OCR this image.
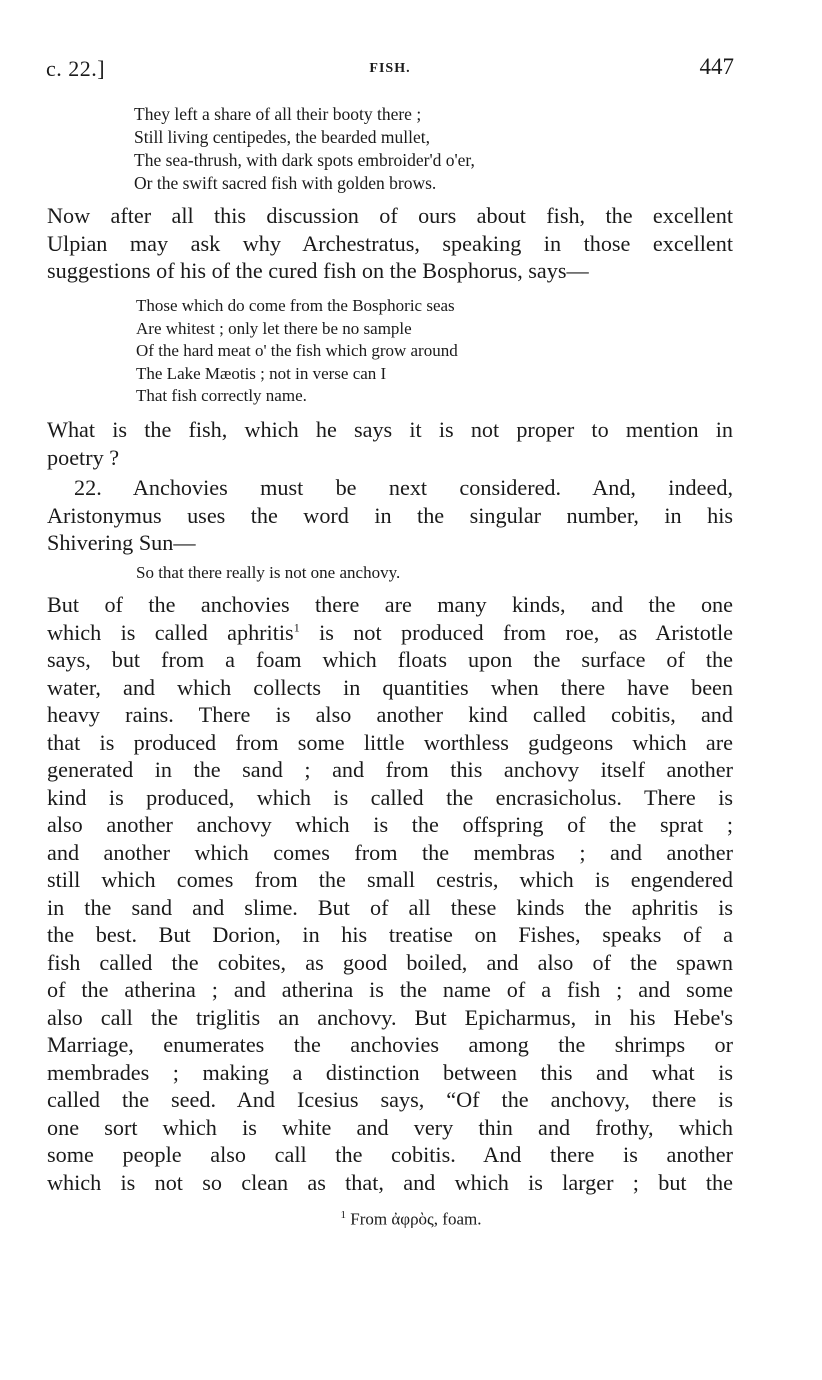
c. 22.]	FISH.	447
They left a share of all their booty there ;
Still living centipedes, the bearded mullet,
The sea-thrush, with dark spots embroider'd o'er,
Or the swift sacred fish with golden brows.
Now after all this discussion of ours about fish, the excellent
Ulpian may ask why Archestratus, speaking in those excellent
suggestions of his of the cured fish on the Bosphorus, says—
Those which do come from the Bosphoric seas
Are whitest ; only let there be no sample
Of the hard meat o' the fish which grow around
The Lake Mæotis ; not in verse can I
That fish correctly name.
What is the fish, which he says it is not proper to mention in
poetry ?
22. Anchovies must be next considered. And, indeed,
Aristonymus uses the word in the singular number, in his
Shivering Sun—
So that there really is not one anchovy.
But of the anchovies there are many kinds, and the one
which is called aphritis$^1$ is not produced from roe, as Aristotle
says, but from a foam which floats upon the surface of the
water, and which collects in quantities when there have been
heavy rains. There is also another kind called cobitis, and
that is produced from some little worthless gudgeons which are
generated in the sand ; and from this anchovy itself another
kind is produced, which is called the encrasicholus. There is
also another anchovy which is the offspring of the sprat ;
and another which comes from the membras ; and another
still which comes from the small cestris, which is engendered
in the sand and slime. But of all these kinds the aphritis is
the best. But Dorion, in his treatise on Fishes, speaks of a
fish called the cobites, as good boiled, and also of the spawn
of the atherina ; and atherina is the name of a fish ; and some
also call the triglitis an anchovy. But Epicharmus, in his Hebe's
Marriage, enumerates the anchovies among the shrimps or
membrades ; making a distinction between this and what is
called the seed. And Icesius says, “Of the anchovy, there is
one sort which is white and very thin and frothy, which
some people also call the cobitis. And there is another
which is not so clean as that, and which is larger ; but the
$^1$ From ἀφρὸς, foam.
